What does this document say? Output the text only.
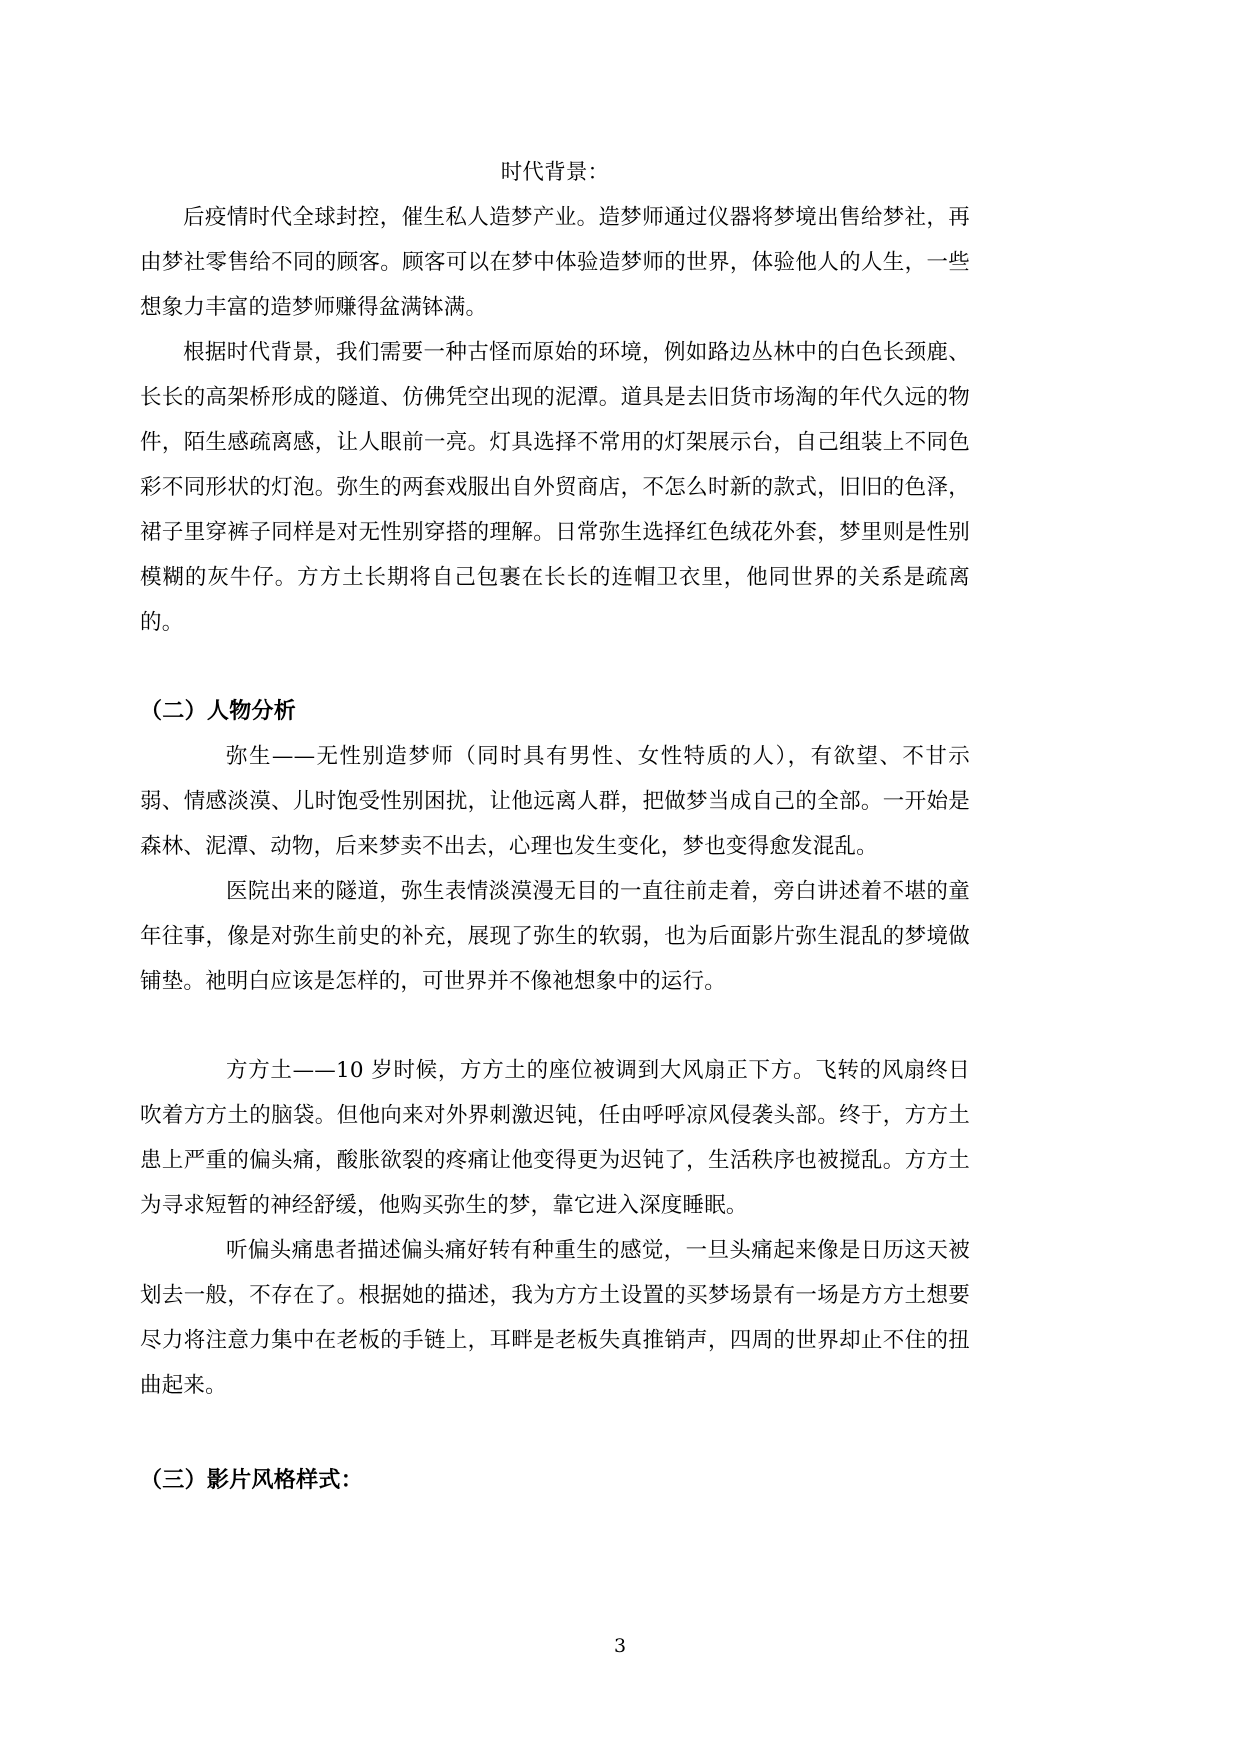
时代背景：

后疫情时代全球封控，催生私人造梦产业。造梦师通过仪器将梦境出售给梦社，再由梦社零售给不同的顾客。顾客可以在梦中体验造梦师的世界，体验他人的人生，一些想象力丰富的造梦师赚得盆满钵满。

根据时代背景，我们需要一种古怪而原始的环境，例如路边丛林中的白色长颈鹿、长长的高架桥形成的隧道、仿佛凭空出现的泥潭。道具是去旧货市场淘的年代久远的物件，陌生感疏离感，让人眼前一亮。灯具选择不常用的灯架展示台，自己组装上不同色彩不同形状的灯泡。弥生的两套戏服出自外贸商店，不怎么时新的款式，旧旧的色泽，裙子里穿裤子同样是对无性别穿搭的理解。日常弥生选择红色绒花外套，梦里则是性别模糊的灰牛仔。方方土长期将自己包裹在长长的连帽卫衣里，他同世界的关系是疏离的。

（二）人物分析

弥生——无性别造梦师（同时具有男性、女性特质的人），有欲望、不甘示弱、情感淡漠、儿时饱受性别困扰，让他远离人群，把做梦当成自己的全部。一开始是森林、泥潭、动物，后来梦卖不出去，心理也发生变化，梦也变得愈发混乱。

医院出来的隧道，弥生表情淡漠漫无目的一直往前走着，旁白讲述着不堪的童年往事，像是对弥生前史的补充，展现了弥生的软弱，也为后面影片弥生混乱的梦境做铺垫。祂明白应该是怎样的，可世界并不像祂想象中的运行。

方方土——10 岁时候，方方土的座位被调到大风扇正下方。飞转的风扇终日吹着方方土的脑袋。但他向来对外界刺激迟钝，任由呼呼凉风侵袭头部。终于，方方土患上严重的偏头痛，酸胀欲裂的疼痛让他变得更为迟钝了，生活秩序也被搅乱。方方土为寻求短暂的神经舒缓，他购买弥生的梦，靠它进入深度睡眠。

听偏头痛患者描述偏头痛好转有种重生的感觉，一旦头痛起来像是日历这天被划去一般，不存在了。根据她的描述，我为方方土设置的买梦场景有一场是方方土想要尽力将注意力集中在老板的手链上，耳畔是老板失真推销声，四周的世界却止不住的扭曲起来。

（三）影片风格样式：

3
